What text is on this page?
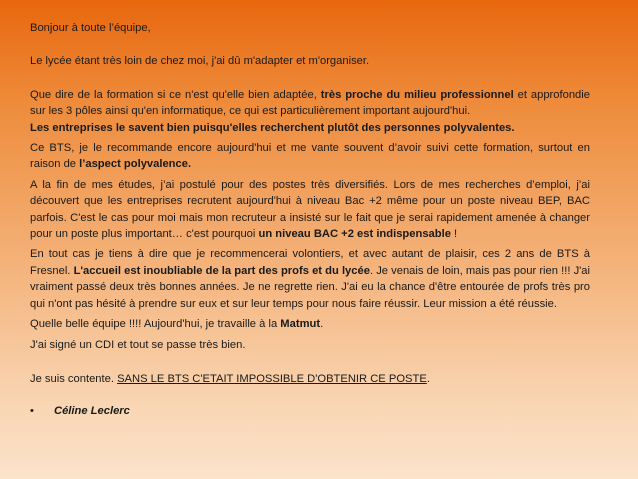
Bonjour à toute l’équipe,

Le lycée étant très loin de chez moi, j'ai dû m'adapter et m'organiser.

Que dire de la formation si ce n'est qu'elle bien adaptée, très proche du milieu professionnel et approfondie sur les 3 pôles ainsi qu'en informatique, ce qui est particulièrement important aujourd'hui.
Les entreprises le savent bien puisqu'elles recherchent plutôt des personnes polyvalentes.

Ce BTS, je le recommande encore aujourd'hui et me vante souvent d’avoir suivi cette formation, surtout en raison de l’aspect polyvalence.

A la fin de mes études, j’ai postulé pour des postes très diversifiés. Lors de mes recherches d’emploi, j’ai découvert que les entreprises recrutent aujourd'hui à niveau Bac +2 même pour un poste niveau BEP, BAC parfois. C'est le cas pour moi mais mon recruteur a insisté sur le fait que je serai rapidement amenée à changer pour un poste plus important… c'est pourquoi un niveau BAC +2 est indispensable !

En tout cas je tiens à dire que je recommencerai volontiers, et avec autant de plaisir, ces 2 ans de BTS à Fresnel. L'accueil est inoubliable de la part des profs et du lycée. Je venais de loin, mais pas pour rien !!! J'ai vraiment passé deux très bonnes années. Je ne regrette rien. J'ai eu la chance d'être entourée de profs très pro qui n'ont pas hésité à prendre sur eux et sur leur temps pour nous faire réussir. Leur mission a été réussie.

Quelle belle équipe !!!! Aujourd'hui, je travaille à la Matmut.

J'ai signé un CDI et tout se passe très bien.

Je suis contente. SANS LE BTS C'ETAIT IMPOSSIBLE D'OBTENIR CE POSTE.

•	Céline Leclerc
